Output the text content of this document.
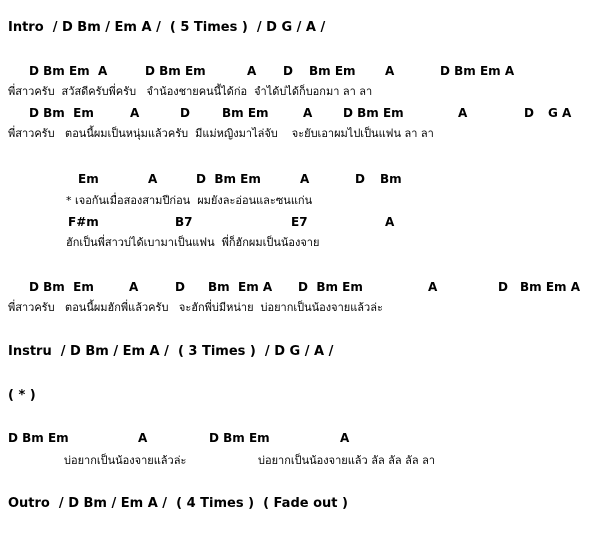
Intro  / D Bm / Em A /  ( 5 Times )  / D G / A /
D Bm Em  A	D Bm Em	A D Bm Em A	D Bm Em A
พี่สาวครับ  สวัสดีครับพี่ครับ   จำน้องชายคนนี้ได้ก่อ  จำได้บ่ได้ก็บอกมา ลา ลา
D Bm  Em	A	D	Bm Em	A	D Bm Em	A	D G A
พี่สาวครับ   ตอนนี้ผมเป็นหนุ่มแล้วครับ  มีแม่หญิงมาไล่จับ    จะยับเอาผมไปเป็นแฟน ลา ลา
Em	A	D  Bm Em	A	D Bm
* เจอกันเมื่อสองสามปีก่อน  ผมยังละอ่อนและซนแก่น
F#m	B7	E7	A
ฮักเป็นพี่สาวบ่ได้เบามาเป็นแฟน  พี่ก็ฮักผมเป็นน้องจาย
D Bm  Em	A	D Bm  Em A D  Bm Em	A	D Bm Em A
พี่สาวครับ   ตอนนี้ผมฮักพี่แล้วครับ   จะฮักพี่บ่มีหน่าย  บ่อยากเป็นน้องจายแล้วล่ะ
Instru  / D Bm / Em A /  ( 3 Times )  / D G / A /
( * )
D Bm Em	A	D Bm Em	A
บ่อยากเป็นน้องจายแล้วล่ะ	บ่อยากเป็นน้องจายแล้ว ลัล ลัล ลัล ลา
Outro  / D Bm / Em A /  ( 4 Times )  ( Fade out )
